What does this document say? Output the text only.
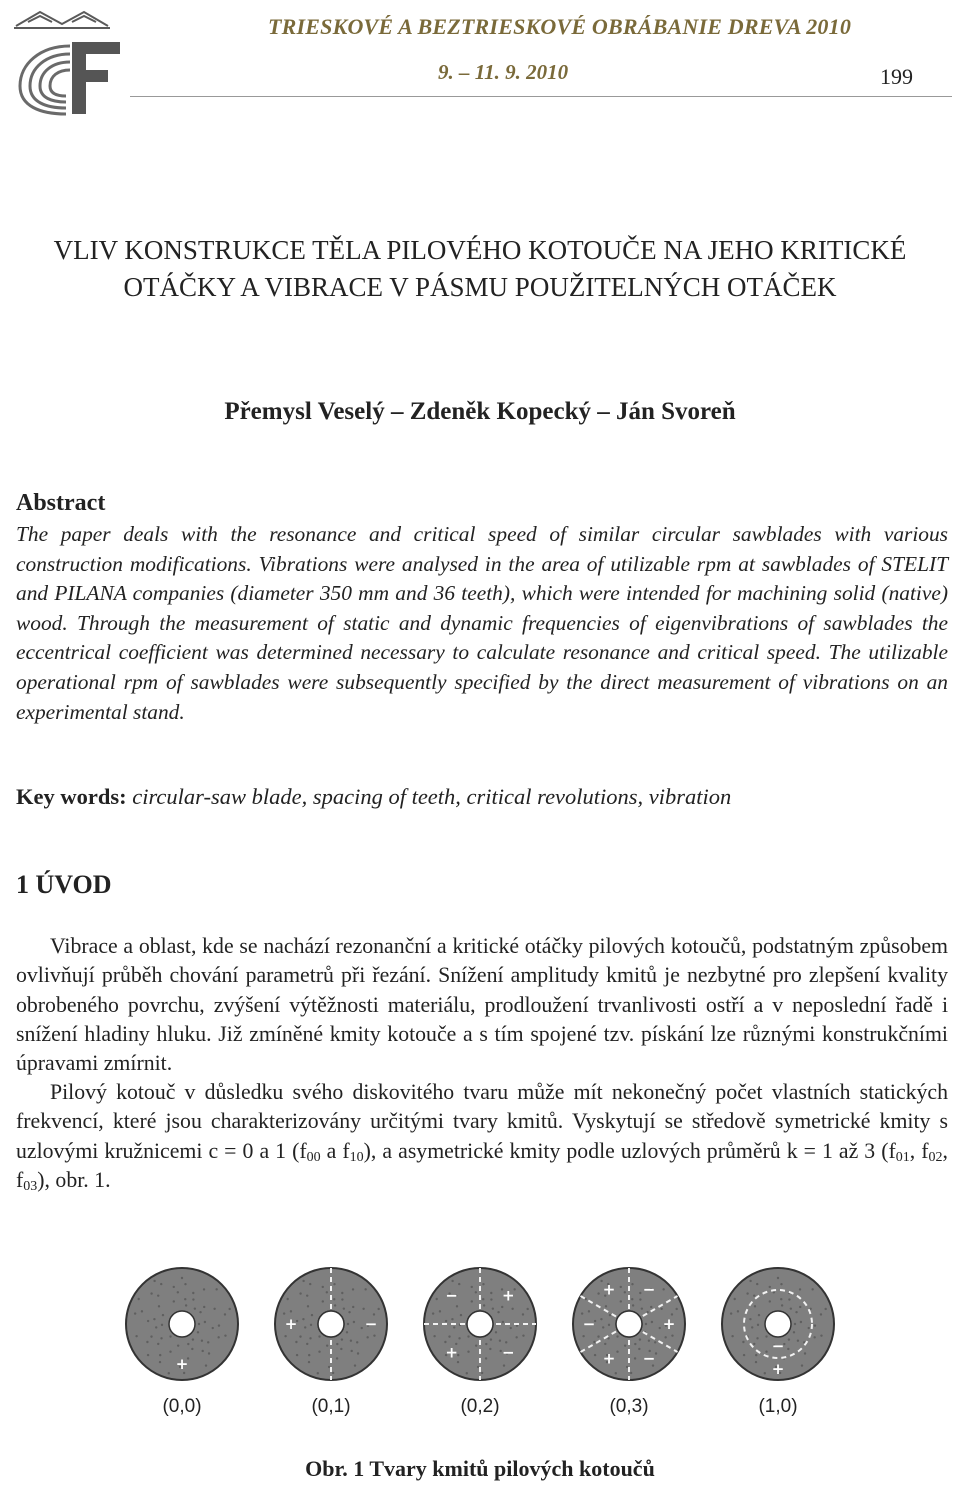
TRIESKOVÉ A BEZTRIESKOVÉ OBRÁBANIE DREVA 2010
9. – 11. 9. 2010	199
VLIV KONSTRUKCE TĚLA PILOVÉHO KOTOUČE NA JEHO KRITICKÉ OTÁČKY A VIBRACE V PÁSMU POUŽITELNÝCH OTÁČEK
Přemysl Veselý – Zdeněk Kopecký – Ján Svoreň
Abstract

The paper deals with the resonance and critical speed of similar circular sawblades with various construction modifications. Vibrations were analysed in the area of utilizable rpm at sawblades of STELIT and PILANA companies (diameter 350 mm and 36 teeth), which were intended for machining solid (native) wood. Through the measurement of static and dynamic frequencies of eigenvibrations of sawblades the eccentrical coefficient was determined necessary to calculate resonance and critical speed. The utilizable operational rpm of sawblades were subsequently specified by the direct measurement of vibrations on an experimental stand.

Key words: circular-saw blade, spacing of teeth, critical revolutions, vibration
1 ÚVOD

Vibrace a oblast, kde se nachází rezonanční a kritické otáčky pilových kotoučů, podstatným způsobem ovlivňují průběh chování parametrů při řezání. Snížení amplitudy kmitů je nezbytné pro zlepšení kvality obrobeného povrchu, zvýšení výtěžnosti materiálu, prodloužení trvanlivosti ostří a v neposlední řadě i snížení hladiny hluku. Již zmíněné kmity kotouče a s tím spojené tzv. pískání lze různými konstrukčními úpravami zmírnit.

Pilový kotouč v důsledku svého diskovitého tvaru může mít nekonečný počet vlastních statických frekvencí, které jsou charakterizovány určitými tvary kmitů. Vyskytují se středově symetrické kmity s uzlovými kružnicemi c = 0 a 1 ($f_{00}$ a $f_{10}$), a asymetrické kmity podle uzlových průměrů k = 1 až 3 ($f_{01}$, $f_{02}$, $f_{03}$), obr. 1.

+
(0,0)
+	−
(0,1)
+
−	+
−
(0,2)
+
−
+ −
+
−
(0,3)
+
−
(1,0)
Obr. 1 Tvary kmitů pilových kotoučů
